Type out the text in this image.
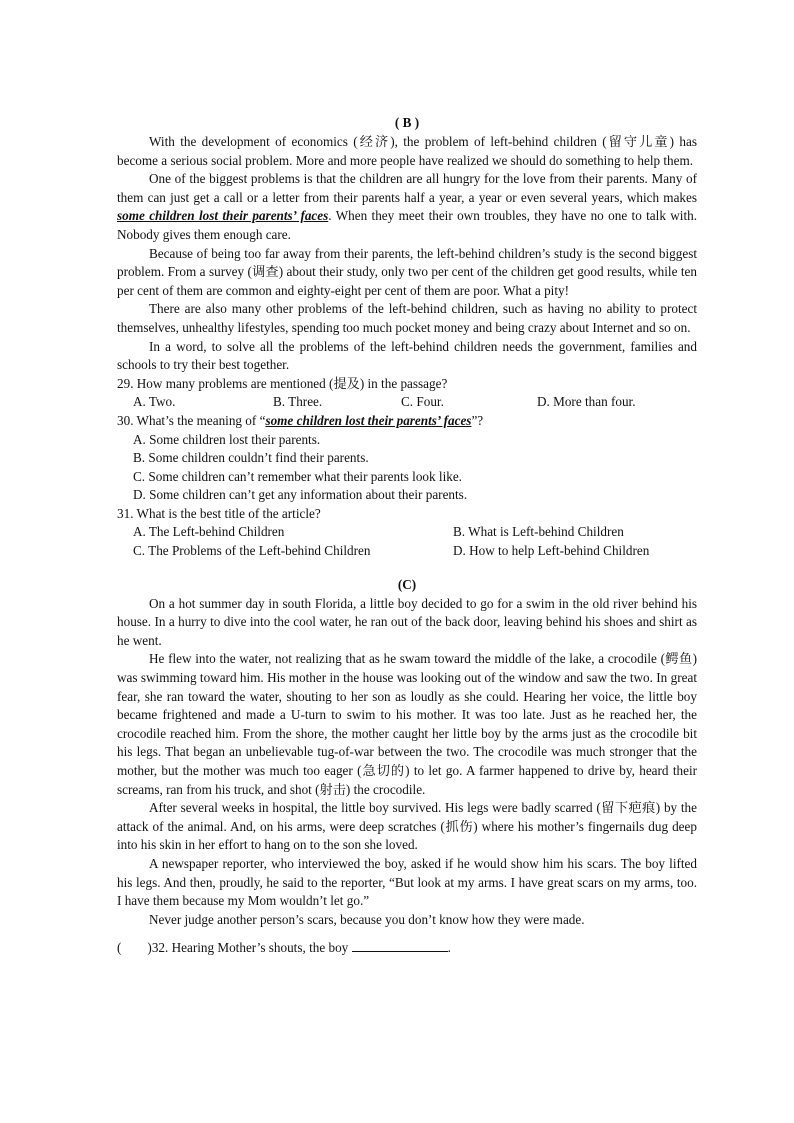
( B )

With the development of economics (经济), the problem of left-behind children (留守儿童) has become a serious social problem. More and more people have realized we should do something to help them.

One of the biggest problems is that the children are all hungry for the love from their parents. Many of them can just get a call or a letter from their parents half a year, a year or even several years, which makes some children lost their parents’ faces. When they meet their own troubles, they have no one to talk with. Nobody gives them enough care.

Because of being too far away from their parents, the left-behind children’s study is the second biggest problem. From a survey (调查) about their study, only two per cent of the children get good results, while ten per cent of them are common and eighty-eight per cent of them are poor. What a pity!

There are also many other problems of the left-behind children, such as having no ability to protect themselves, unhealthy lifestyles, spending too much pocket money and being crazy about Internet and so on.

In a word, to solve all the problems of the left-behind children needs the government, families and schools to try their best together.

29. How many problems are mentioned (提及) in the passage?

A. Two.	B. Three.	C. Four.	D. More than four.

30. What’s the meaning of “some children lost their parents’ faces”?

A. Some children lost their parents.
B. Some children couldn’t find their parents.
C. Some children can’t remember what their parents look like.
D. Some children can’t get any information about their parents.

31. What is the best title of the article?

A. The Left-behind Children	B. What is Left-behind Children
C. The Problems of the Left-behind Children	D. How to help Left-behind Children

(C)

On a hot summer day in south Florida, a little boy decided to go for a swim in the old river behind his house. In a hurry to dive into the cool water, he ran out of the back door, leaving behind his shoes and shirt as he went.

He flew into the water, not realizing that as he swam toward the middle of the lake, a crocodile (鳄鱼) was swimming toward him. His mother in the house was looking out of the window and saw the two. In great fear, she ran toward the water, shouting to her son as loudly as she could. Hearing her voice, the little boy became frightened and made a U-turn to swim to his mother. It was too late. Just as he reached her, the crocodile reached him. From the shore, the mother caught her little boy by the arms just as the crocodile bit his legs. That began an unbelievable tug-of-war between the two. The crocodile was much stronger that the mother, but the mother was much too eager (急切的) to let go. A farmer happened to drive by, heard their screams, ran from his truck, and shot (射击) the crocodile.

After several weeks in hospital, the little boy survived. His legs were badly scarred (留下疤痕) by the attack of the animal. And, on his arms, were deep scratches (抓伤) where his mother’s fingernails dug deep into his skin in her effort to hang on to the son she loved.

A newspaper reporter, who interviewed the boy, asked if he would show him his scars. The boy lifted his legs. And then, proudly, he said to the reporter, “But look at my arms. I have great scars on my arms, too. I have them because my Mom wouldn’t let go.”

Never judge another person’s scars, because you don’t know how they were made.

( )32. Hearing Mother’s shouts, the boy	.
